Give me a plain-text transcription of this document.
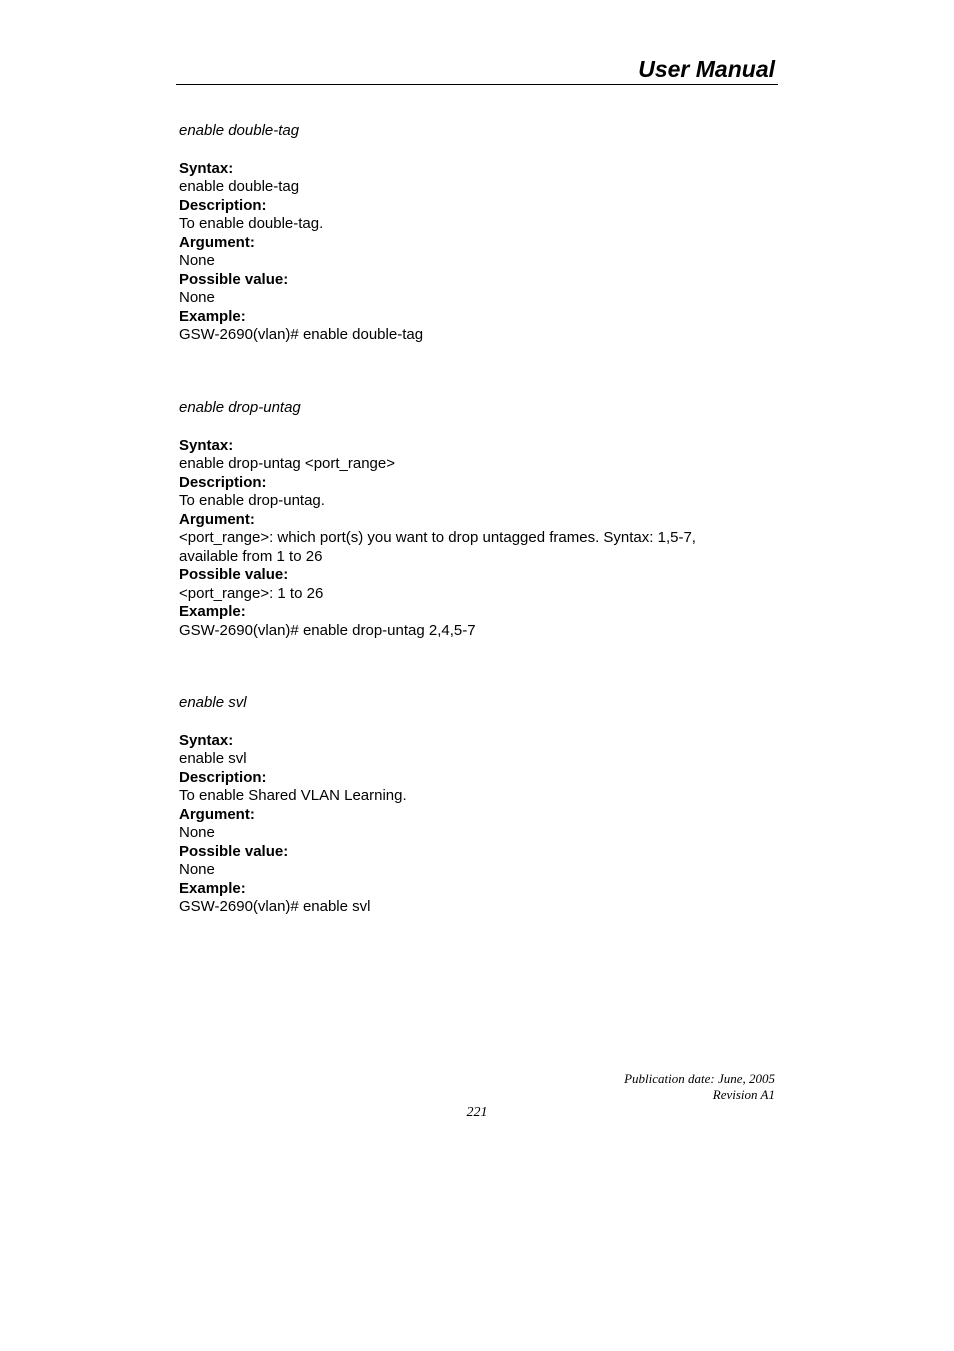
User Manual
enable double-tag
Syntax:
enable double-tag
Description:
To enable double-tag.
Argument:
None
Possible value:
None
Example:
GSW-2690(vlan)# enable double-tag
enable drop-untag
Syntax:
enable drop-untag <port_range>
Description:
To enable drop-untag.
Argument:
<port_range>: which port(s) you want to drop untagged frames. Syntax: 1,5-7,
available from 1 to 26
Possible value:
<port_range>: 1 to 26
Example:
GSW-2690(vlan)# enable drop-untag 2,4,5-7
enable svl
Syntax:
enable svl
Description:
To enable Shared VLAN Learning.
Argument:
None
Possible value:
None
Example:
GSW-2690(vlan)# enable svl
Publication date: June, 2005
Revision A1
221
